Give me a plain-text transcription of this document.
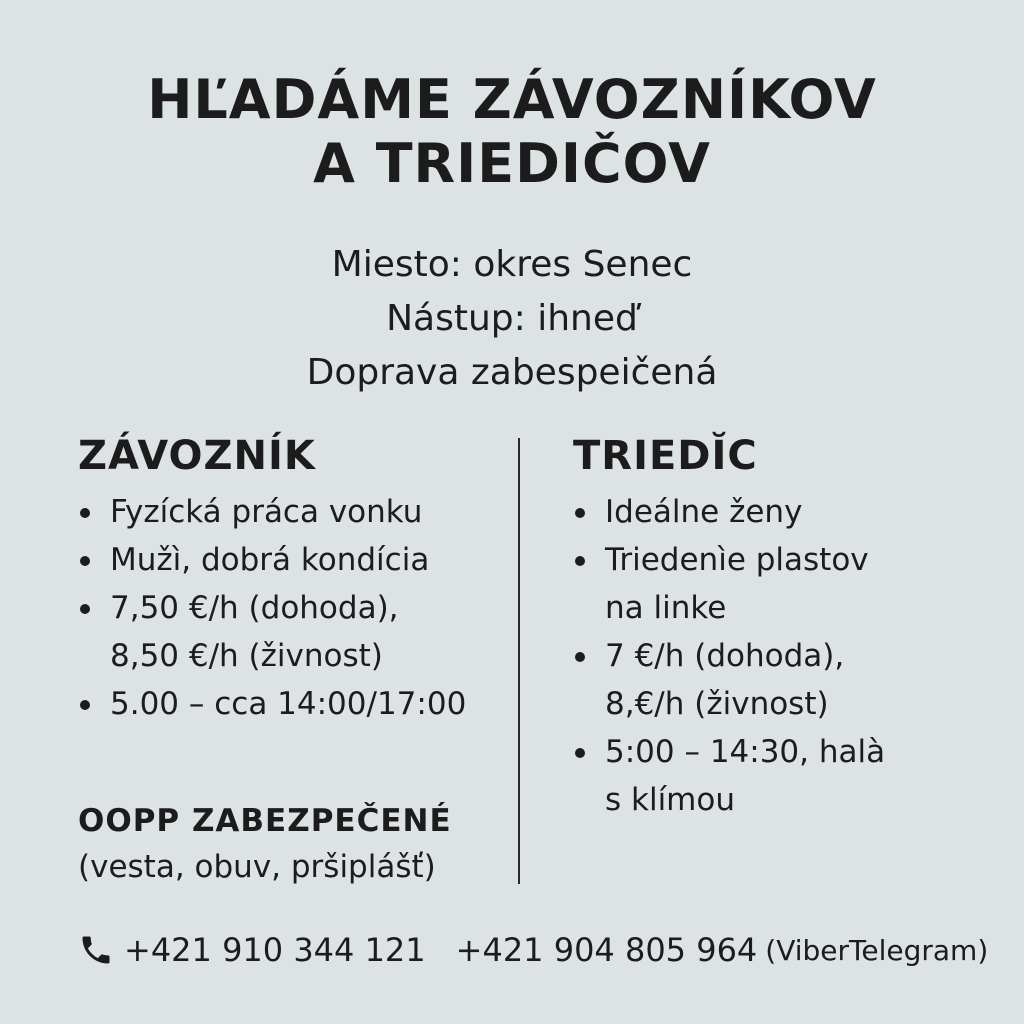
HĽADÁME ZÁVOZNÍKOV
A TRIEDIČOV
Miesto: okres Senec
Nástup: ihneď
Doprava zabespeičená
ZÁVOZNÍK
Fyzícká práca vonku
Mužì, dobrá kondícia
7,50 €/h (dohoda),
8,50 €/h (živnost)
5.00 – cca 14:00/17:00
TRIEDĬC
Ideálne ženy
Triedenìe plastov
na linke
7 €/h (dohoda),
8,€/h (živnost)
5:00 – 14:30, halà
s klímou
OOPP ZABEZPEČENÉ
(vesta, obuv, pršiplášť)
+421 910 344 121 +421 904 805 964 (ViberTelegram)
